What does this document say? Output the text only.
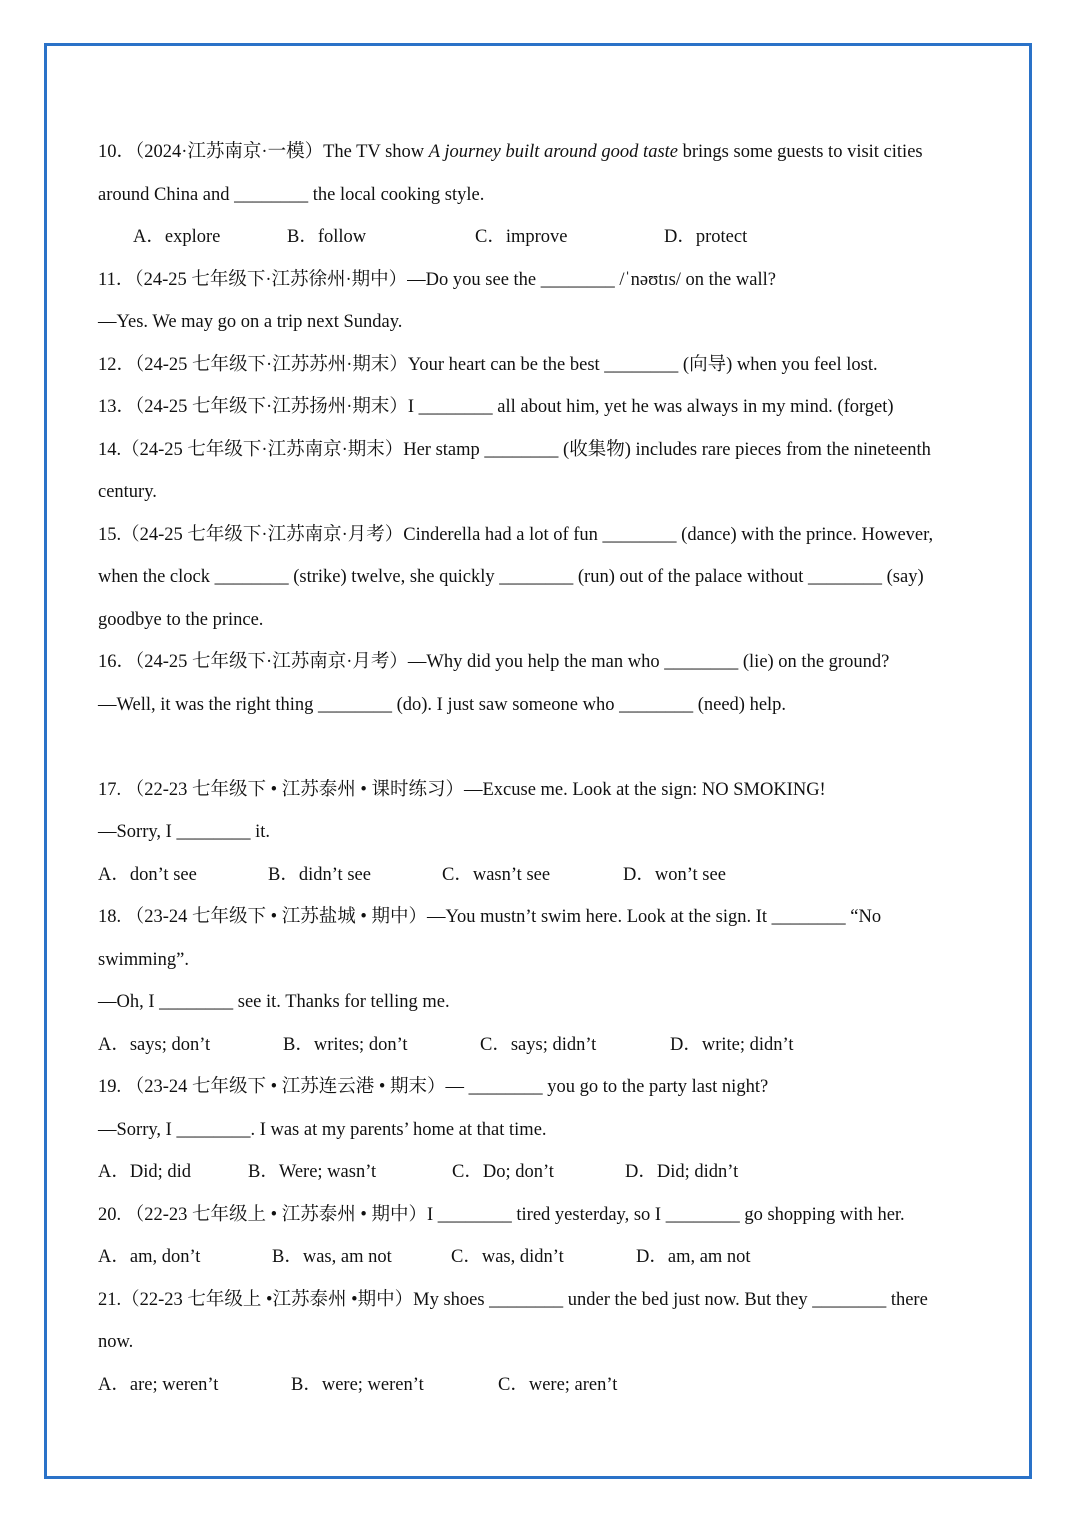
10．（2024·江苏南京·一模）The TV show A journey built around good taste brings some guests to visit cities
around China and ________ the local cooking style.
A．explore	B．follow	C．improve	D．protect
11．（24-25 七年级下·江苏徐州·期中）—Do you see the ________ /ˈnəʊtɪs/ on the wall?
—Yes. We may go on a trip next Sunday.
12．（24-25 七年级下·江苏苏州·期末）Your heart can be the best ________ (向导) when you feel lost.
13．（24-25 七年级下·江苏扬州·期末）I ________ all about him, yet he was always in my mind. (forget)
14.（24-25 七年级下·江苏南京·期末）Her stamp ________ (收集物) includes rare pieces from the nineteenth
century.
15.（24-25 七年级下·江苏南京·月考）Cinderella had a lot of fun ________ (dance) with the prince. However,
when the clock ________ (strike) twelve, she quickly ________ (run) out of the palace without ________ (say)
goodbye to the prince.
16．（24-25 七年级下·江苏南京·月考）—Why did you help the man who ________ (lie) on the ground?
—Well, it was the right thing ________ (do). I just saw someone who ________ (need) help.
17. （22-23 七年级下 • 江苏泰州 • 课时练习）—Excuse me. Look at the sign: NO SMOKING!
—Sorry, I ________ it.
A．don’t see	B．didn’t see	C．wasn’t see	D．won’t see
18. （23-24 七年级下 • 江苏盐城 • 期中）—You mustn’t swim here. Look at the sign. It ________ “No
swimming”.
—Oh, I ________ see it. Thanks for telling me.
A．says; don’t	B．writes; don’t	C．says; didn’t	D．write; didn’t
19. （23-24 七年级下 • 江苏连云港 • 期末）— ________ you go to the party last night?
—Sorry, I ________. I was at my parents’ home at that time.
A．Did; did	B．Were; wasn’t	C．Do; don’t	D．Did; didn’t
20. （22-23 七年级上 • 江苏泰州 • 期中）I ________ tired yesterday, so I ________ go shopping with her.
A．am, don’t	B．was, am not	C．was, didn’t	D．am, am not
21.（22-23 七年级上 •江苏泰州 •期中）My shoes ________ under the bed just now. But they ________ there
now.
A．are; weren’t	B．were; weren’t	C．were; aren’t
